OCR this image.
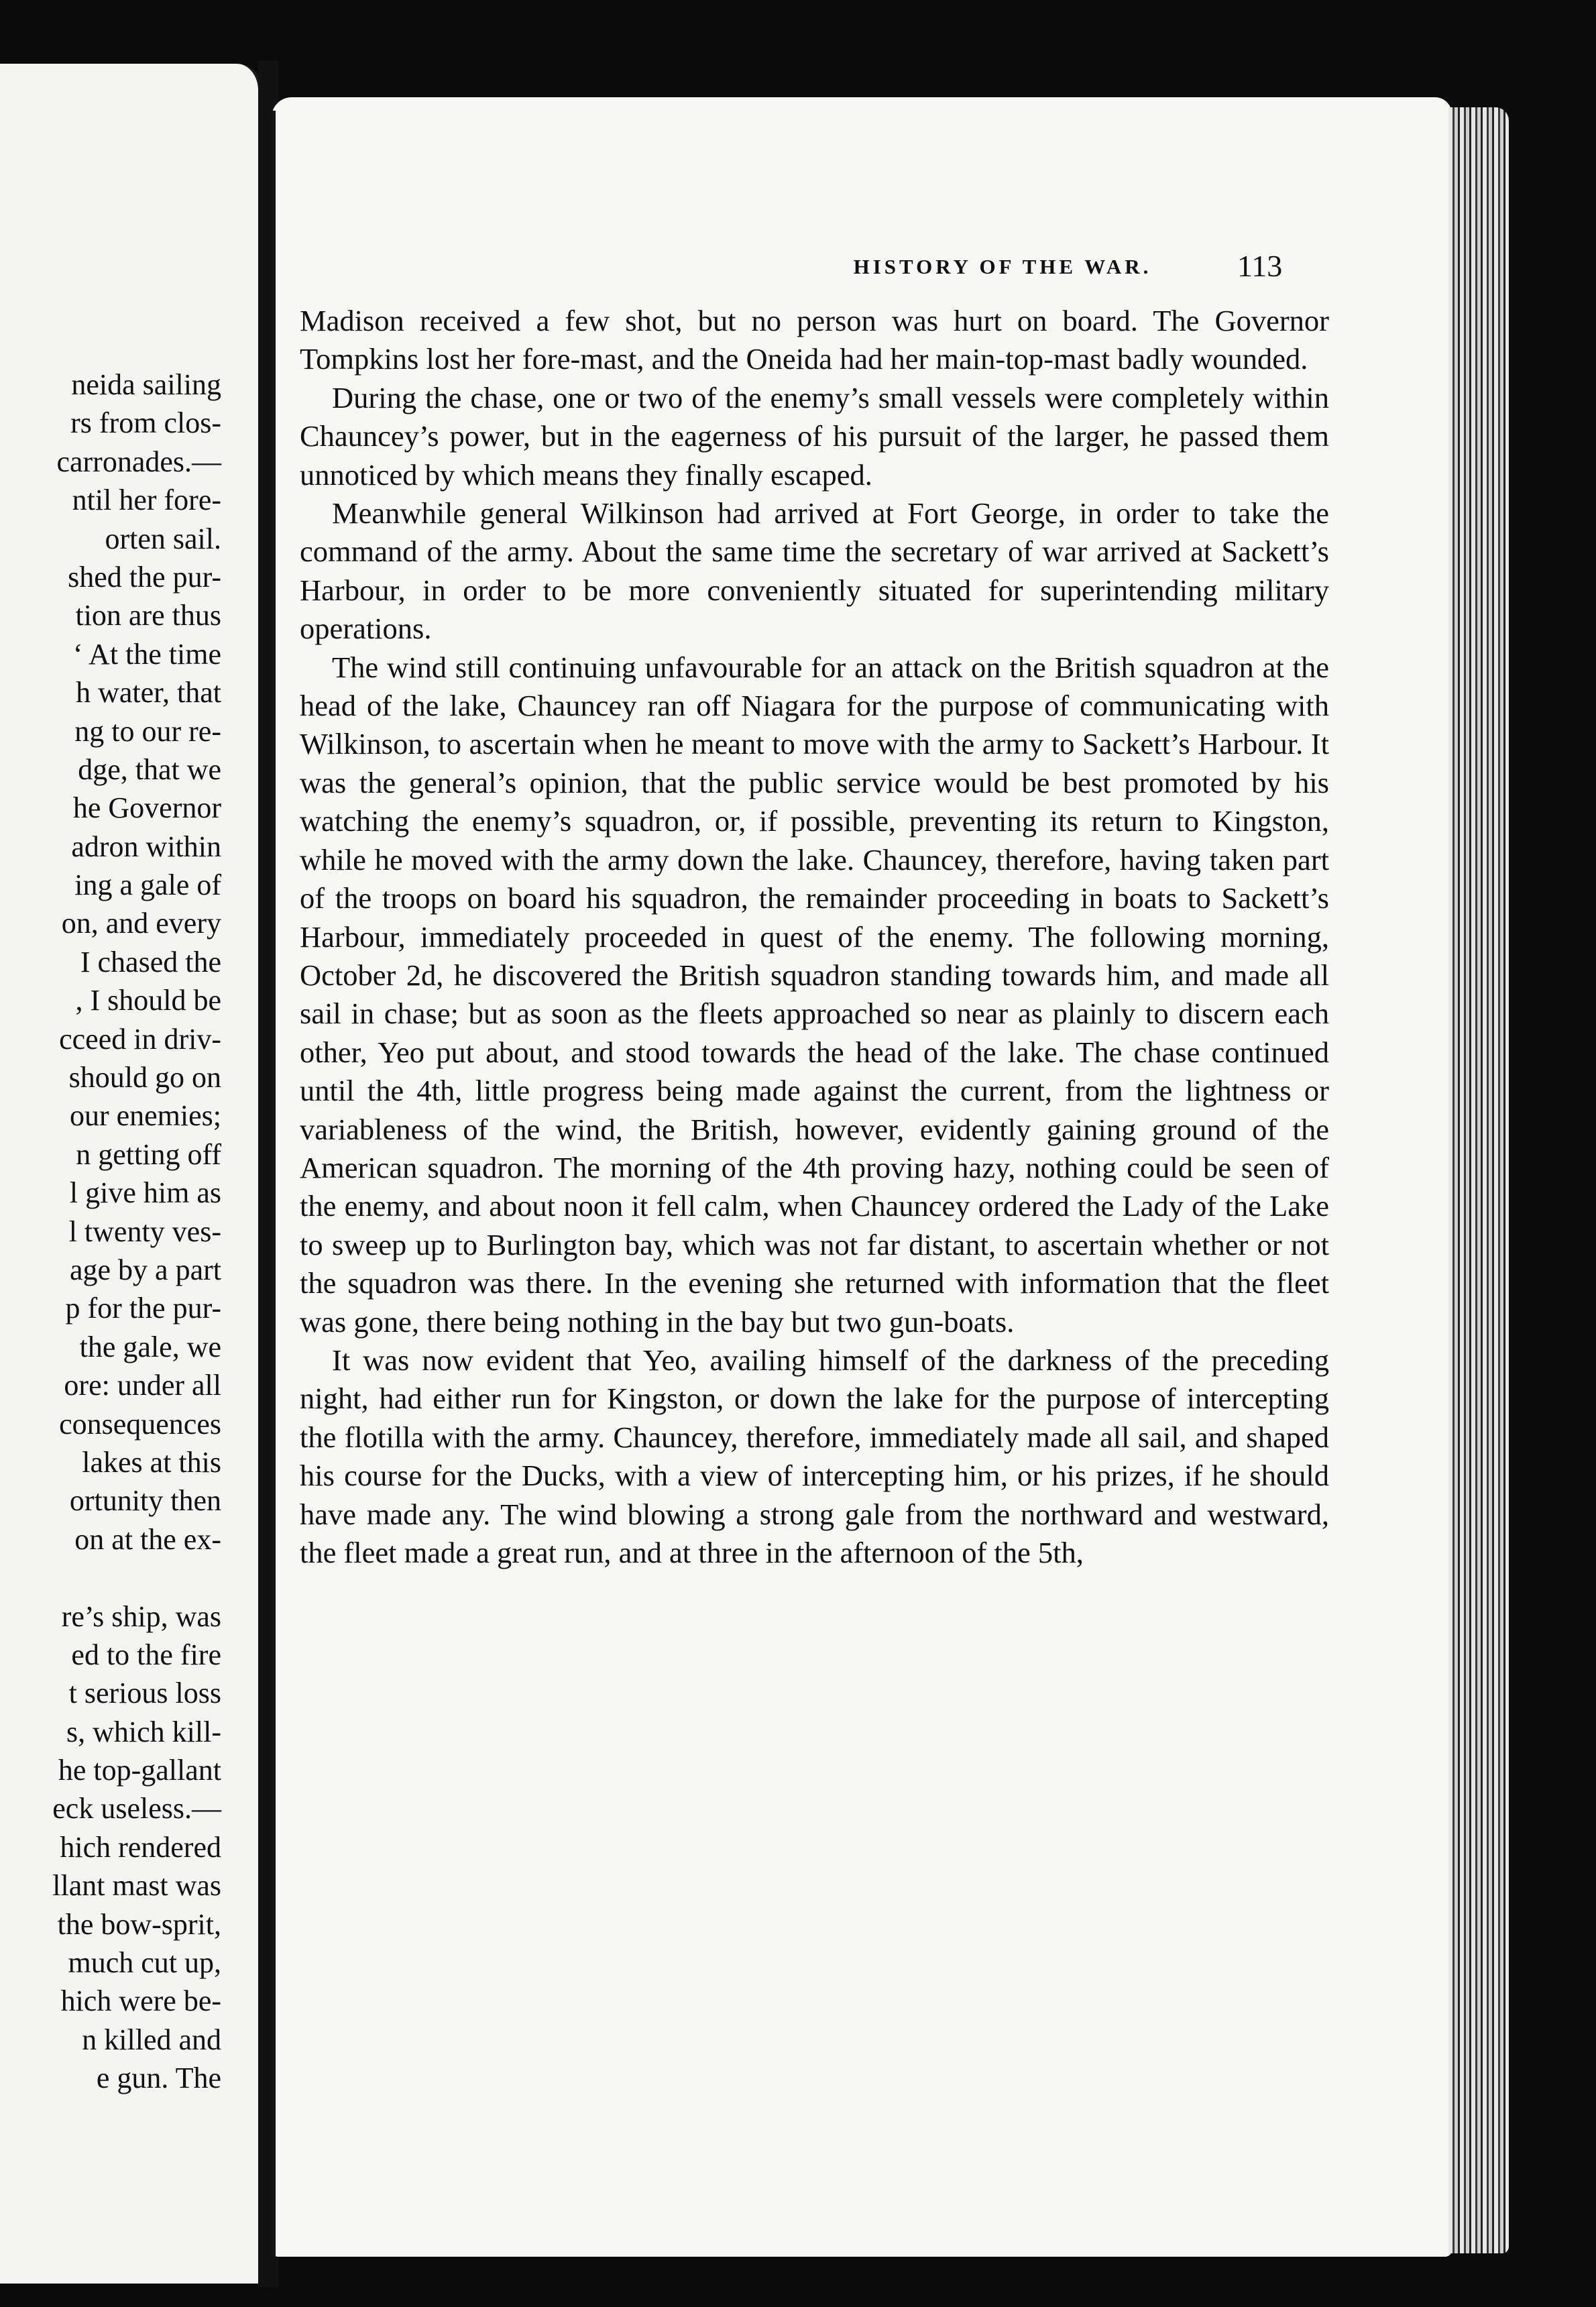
neida sailing
rs from clos-
carronades.—
ntil her fore-
orten sail.
shed the pur-
tion are thus
‘ At the time
h water, that
ng to our re-
dge, that we
he Governor
adron within
ing a gale of
on, and every
I chased the
, I should be
cceed in driv-
should go on
our enemies;
n getting off
l give him as
l twenty ves-
age by a part
p for the pur-
the gale, we
ore: under all
consequences
lakes at this
ortunity then
on at the ex-
re’s ship, was
ed to the fire
t serious loss
s, which kill-
he top-gallant
eck useless.—
hich rendered
llant mast was
the bow-sprit,
much cut up,
hich were be-
n killed and
e gun. The
HISTORY OF THE WAR.	113

Madison received a few shot, but no person was hurt on board. The Governor Tompkins lost her fore-mast, and the Oneida had her main-top-mast badly wounded.

During the chase, one or two of the enemy’s small vessels were completely within Chauncey’s power, but in the eagerness of his pursuit of the larger, he passed them unnoticed by which means they finally escaped.

Meanwhile general Wilkinson had arrived at Fort George, in order to take the command of the army. About the same time the secretary of war arrived at Sackett’s Harbour, in order to be more conveniently situated for superintending military operations.

The wind still continuing unfavourable for an attack on the British squadron at the head of the lake, Chauncey ran off Niagara for the purpose of communicating with Wilkinson, to ascertain when he meant to move with the army to Sackett’s Harbour. It was the general’s opinion, that the public service would be best promoted by his watching the enemy’s squadron, or, if possible, preventing its return to Kingston, while he moved with the army down the lake. Chauncey, therefore, having taken part of the troops on board his squadron, the remainder proceeding in boats to Sackett’s Harbour, immediately proceeded in quest of the enemy. The following morning, October 2d, he discovered the British squadron standing towards him, and made all sail in chase; but as soon as the fleets approached so near as plainly to discern each other, Yeo put about, and stood towards the head of the lake. The chase continued until the 4th, little progress being made against the current, from the lightness or variableness of the wind, the British, however, evidently gaining ground of the American squadron. The morning of the 4th proving hazy, nothing could be seen of the enemy, and about noon it fell calm, when Chauncey ordered the Lady of the Lake to sweep up to Burlington bay, which was not far distant, to ascertain whether or not the squadron was there. In the evening she returned with information that the fleet was gone, there being nothing in the bay but two gun-boats.

It was now evident that Yeo, availing himself of the darkness of the preceding night, had either run for Kingston, or down the lake for the purpose of intercepting the flotilla with the army. Chauncey, therefore, immediately made all sail, and shaped his course for the Ducks, with a view of intercepting him, or his prizes, if he should have made any. The wind blowing a strong gale from the northward and westward, the fleet made a great run, and at three in the afternoon of the 5th,
